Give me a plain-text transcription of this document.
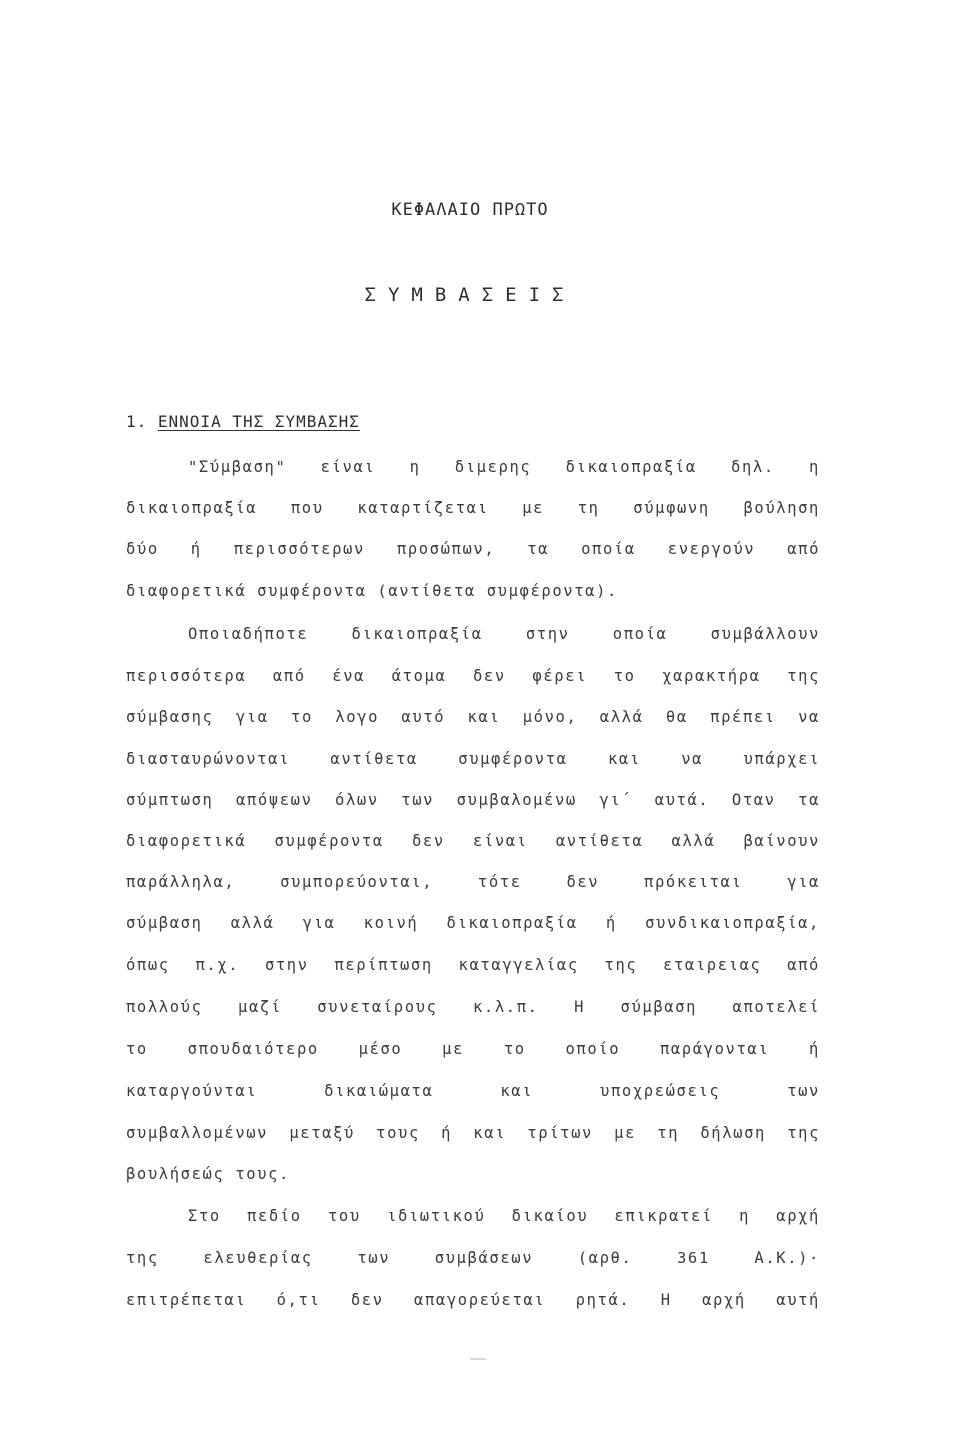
ΚΕΦΑΛΑΙΟ ΠΡΩΤΟ
ΣΥΜΒΑΣΕΙΣ
1. ΕΝΝΟΙΑ ΤΗΣ ΣΥΜΒΑΣΗΣ
"Σύμβαση" είναι η διμερης δικαιοπραξία δηλ. η
δικαιοπραξία που καταρτίζεται με τη σύμφωνη βούληση
δύο ή περισσότερων προσώπων, τα οποία ενεργούν από
διαφορετικά συμφέροντα (αντίθετα συμφέροντα).
Οποιαδήποτε δικαιοπραξία στην οποία συμβάλλουν
περισσότερα από ένα άτομα δεν φέρει το χαρακτήρα της
σύμβασης για το λογο αυτό και μόνο, αλλά θα πρέπει να
διασταυρώνονται αντίθετα συμφέροντα και να υπάρχει
σύμπτωση απόψεων όλων των συμβαλομένω γι΄ αυτά. Οταν τα
διαφορετικά συμφέροντα δεν είναι αντίθετα αλλά βαίνουν
παράλληλα, συμπορεύονται, τότε δεν πρόκειται για
σύμβαση αλλά για κοινή δικαιοπραξία ή συνδικαιοπραξία,
όπως π.χ. στην περίπτωση καταγγελίας της εταιρειας από
πολλούς μαζί συνεταίρους κ.λ.π. Η σύμβαση αποτελεί
το σπουδαιότερο μέσο με το οποίο παράγονται ή
καταργούνται δικαιώματα και υποχρεώσεις των
συμβαλλομένων μεταξύ τους ή και τρίτων με τη δήλωση της
βουλήσεώς τους.
Στο πεδίο του ιδιωτικού δικαίου επικρατεί η αρχή
της ελευθερίας των συμβάσεων (αρθ. 361 Α.Κ.)·
επιτρέπεται ό,τι δεν απαγορεύεται ρητά. Η αρχή αυτή
